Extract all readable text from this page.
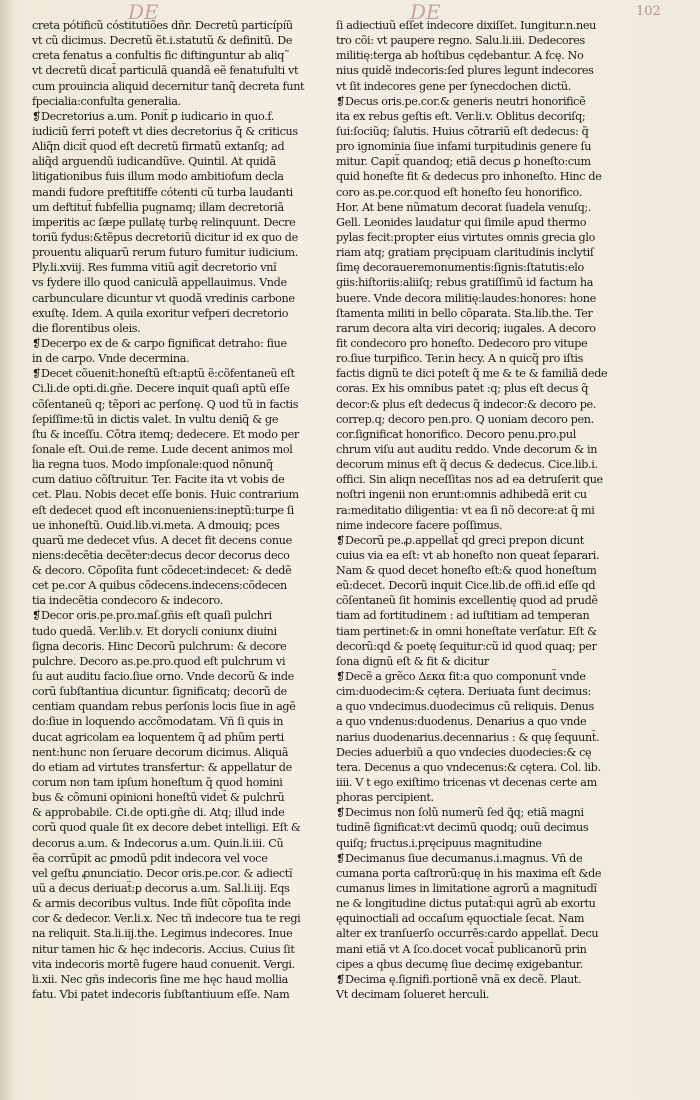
DE	DE	102
creta pótificũ cóstitutiões dñr. Decretũ particípíũ
vt cũ dicimus. Decretũ ẽt.i.statutũ & definitũ. De
creta fenatus a confultis fic diftinguntur ab aliq˜
vt decretũ dicat̃ particulã quandã eẽ fenatufulti vt
cum prouincia aliquid decernitur tanq̃ decreta funt
fpecialia:confulta generalia.
❡Decretorius a.um. Ponit̃ ꝑ iudicario in quo.f.
iudiciũ ferri poteft vt dies decretorius q̃ & criticus
Aliq̃n dicit̃ quod eſt decretũ firmatũ extanſq; ad
aliq̃d arguendũ iudicandũve. Quintil. At quidã
litigationibus fuis illum modo ambitiofum decla
mandi fudore preftitiffe cótenti cũ turba laudanti
um deftitut̃ fubfellia pugnamq; illam decretoriã
imperitis ac ſæpe pullatę turbę relinquunt. Decre
toriũ fydus:&tẽpus decretoriũ dicitur id ex quo de
prouentu aliquarũ rerum futuro fumitur iudicium.
Ply.li.xviij. Res fumma vitiũ agit̃ decretorio vnĩ
vs fydere illo quod caniculã appellauimus. Vnde
carbunculare dicuntur vt quodã vredinis carbone
exuſtę. Idem. A quila exoritur vefperi decretorio
die florentibus oleis.
❡Decerpo ex de & carpo fignificat detraho: fiue
in de carpo. Vnde decermina.
❡Decet cõuenit:honeſtũ eſt:aptũ ẽ:cõfentaneũ eſt
Ci.li.de opti.di.gñe. Decere inquit quaſi aptũ eſſe
cõſentaneũ q; tẽpori ac perſonę. Q uod tũ in factis
ſepiſſime:tũ in dictis valet. In vultu deniq̃ & ge
ſtu & inceſſu. Cõtra itemq; dedecere. Et modo per
ſonale eſt. Oui.de reme. Lude decent animos mol
lia regna tuos. Modo impſonale:quod nõnunq̃
cum datiuo cõſtruitur. Ter. Facite ita vt vobis de
cet. Plau. Nobis decet eſſe bonis. Huic contrarium
eſt dedecet quod eſt inconueniens:ineptũ:turpe ſi
ue inhoneſtũ. Ouid.lib.vi.meta. A dmouiq; pces
quarũ me dedecet vſus. A decet fit decens conue
niens:decẽtia decẽter:decus decor decorus deco
& decoro. Cõpoſita funt cõdecet:indecet: & dedẽ
cet pe.cor A quibus cõdecens.indecens:cõdecen
tia indecẽtia condecoro & indecoro.
❡Decor oris.pe.pro.maſ.gñis eſt quaſi pulchri
tudo quedã. Ver.lib.v. Et dorycli coniunx diuini
ſigna decoris. Hinc Decorũ pulchrum: & decore
pulchre. Decoro as.pe.pro.quod eſt pulchrum vi
ſu aut auditu facio.ſiue orno. Vnde decorũ & inde
corũ ſubſtantiua dicuntur. ſignificatq; decorũ de
centiam quandam rebus perſonis locis ſiue in agẽ
do:ſiue in loquendo accõmodatam. Vñ ſi quis in
ducat agricolam ea loquentem q̃ ad phũm perti
nent:hunc non ſeruare decorum dicimus. Aliquã
do etiam ad virtutes transfertur: & appellatur de
corum non tam ipſum honeſtum q̃ quod homini
bus & cõmuni opinioni honeſtũ videt̃ & pulchrũ
& approbabile. Ci.de opti.gñe di. Atq; illud inde
corũ quod quale ſit ex decore debet intelligi. Eſt &
decorus a.um. & Indecorus a.um. Quin.li.iii. Cũ
ẽa corrũpit ac ꝑmodũ pdit indecora vel voce
vel geſtu ꝓnunciatio. Decor oris.pe.cor. & adiectĩ
uũ a decus deriuat̃:ꝑ decorus a.um. Sal.li.iij. Eqs
& armis decoribus vultus. Inde fiũt cõpoſita inde
cor & dedecor. Ver.li.x. Nec tñ indecore tua te regi
na reliquit. Sta.li.iij.the. Legimus indecores. Inue
nitur tamen hic & hęc indecoris. Accius. Cuius ſit
vita indecoris mortẽ fugere haud conuenit. Vergi.
li.xii. Nec gñs indecoris ſine me hęc haud mollia
fatu. Vbi patet indecoris ſubſtantiuum eſſe. Nam
ſi adiectiuũ eſſet indecore dixiſſet. Iungitur.n.neu
tro cõi: vt paupere regno. Salu.li.iii. Dedecores
militię:terga ab hoſtibus cędebantur. A fcę. No
nius quidẽ indecoris:ſed plures legunt indecores
vt ſit indecores gene per ſynecdochen dictũ.
❡Decus oris.pe.cor.& generis neutri honorificẽ
ita ex rebus geſtis eſt. Ver.li.v. Oblitus decoriſq;
ſui:ſociũq; ſalutis. Huius cõtrariũ eſt dedecus: q̃
pro ignominia ſiue infami turpitudinis genere ſu
mitur. Capit̃ quandoq; etiã decus ꝑ honeſto:cum
quid honeſte fit & dedecus pro inhoneſto. Hinc de
coro as.pe.cor.quod eſt honeſto ſeu honorifico.
Hor. At bene nũmatum decorat ſuadela venuſq;.
Gell. Leonides laudatur qui ſimile apud thermo
pylas fecit:propter eius virtutes omnis grecia glo
riam atq; gratiam pręcipuam claritudinis inclytiſ
ſimę decoraueremonumentis:ſignis:ſtatutis:elo
giis:hiſtoriis:aliiſq; rebus gratiſſimũ id factum ha
buere. Vnde decora militię:laudes:honores: hone
ſtamenta militi in bello cõparata. Sta.lib.the. Ter
rarum decora alta viri decoriq; iugales. A decoro
fit condecoro pro honeſto. Dedecoro pro vitupe
ro.ſiue turpifico. Ter.in hecy. A n quicq̃ pro iſtis
factis dignũ te dici poteſt q̃ me & te & familiã dede
coras. Ex his omnibus patet :q; plus eſt decus q̃
decor:& plus eſt dedecus q̃ indecor:& decoro pe.
correp.q; decoro pen.pro. Q uoniam decoro pen.
cor.ſignificat honorifico. Decoro penu.pro.pul
chrum viſu aut auditu reddo. Vnde decorum & in
decorum minus eſt q̃ decus & dedecus. Cice.lib.i.
offici. Sin aliqn neceſſitas nos ad ea detruſerit que
noſtri ingenii non erunt:omnis adhibedã erit cu
ra:meditatio diligentia: vt ea ſi nõ decore:at q̃ mi
nime indecore facere poſſimus.
❡Decorũ pe.ꝓ.appellat̃ qd greci prepon dicunt
cuius via ea eſt: vt ab honeſto non queat ſeparari.
Nam & quod decet honeſto eſt:& quod honeſtum
eũ:decet. Decorũ inquit Cice.lib.de offi.id eſſe qd
cõſentaneũ ſit hominis excellentię quod ad prudẽ
tiam ad fortitudinem : ad iuſtitiam ad temperan
tiam pertinet:& in omni honeſtate verſatur. Eſt &
decorũ:qd & poetę ſequitur:cũ id quod quaq; per
ſona dignũ eſt & fit & dicitur
❡Decẽ a grẽco Δεκα fit:a quo componunt̃ vnde
cim:duodecim:& cętera. Deriuata ſunt decimus:
a quo vndecimus.duodecimus cũ reliquis. Denus
a quo vndenus:duodenus. Denarius a quo vnde
narius duodenarius.decennarius : & quę ſequunt̃.
Decies aduerbiũ a quo vndecies duodecies:& cę
tera. Decenus a quo vndecenus:& cętera. Col. lib.
iiii. V t ego exiſtimo tricenas vt decenas certe am
phoras percipient.
❡Decimus non ſolũ numerũ ſed ꝗ̃q; etiã magni
tudinẽ ſignificat:vt decimũ quodq; ouũ decimus
quiſq; fructus.i.pręcipuus magnitudine
❡Decimanus ſiue decumanus.i.magnus. Vñ de
cumana porta caſtrorũ:quę in his maxima eſt &de
cumanus limes in limitatione agrorũ a magnitudĩ
ne & longitudine dictus putat̃:qui agrũ ab exortu
ęquinoctiali ad occaſum ęquoctiale ſecat. Nam
alter ex tranſuerſo occurrẽs:cardo appellat̃. Decu
mani etiã vt A ſco.docet vocat̃ publicanorũ prin
cipes a qbus decumę ſiue decimę exigebantur.
❡Decima ę.ſignifi.portionẽ vnã ex decẽ. Plaut.
Vt decimam ſolueret herculi.
